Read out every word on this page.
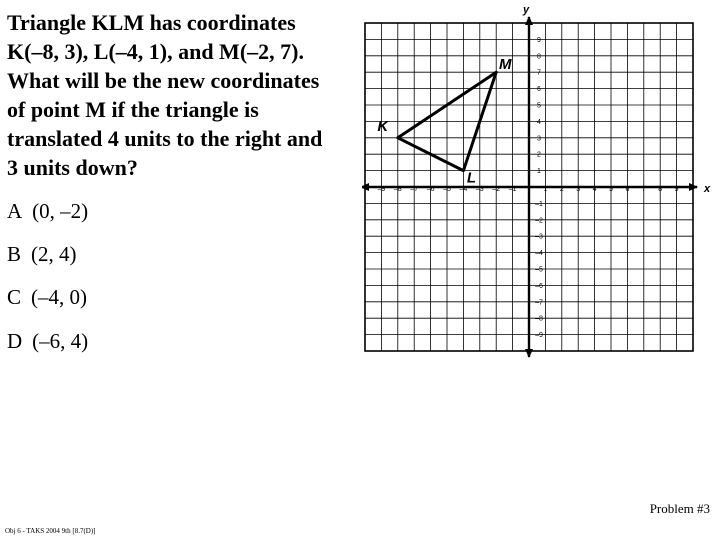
Triangle KLM has coordinates
K(–8, 3), L(–4, 1), and M(–2, 7).
What will be the new coordinates
of point M if the triangle is
translated 4 units to the right and
3 units down?
A (0, –2)
B (2, 4)
C (–4, 0)
D (–6, 4)
x
y
–9 –8 –7 –6 –5 –4 –3 –2 –1	1 2 3 4 5 6 7 8 9
9
8
7
6
5
4
3
2
1
–1
–2
–3
–4
–5
–6
–7
–8
–9
K
L
M
Problem #3
Obj 6 - TAKS 2004 9th [8.7(D)]
